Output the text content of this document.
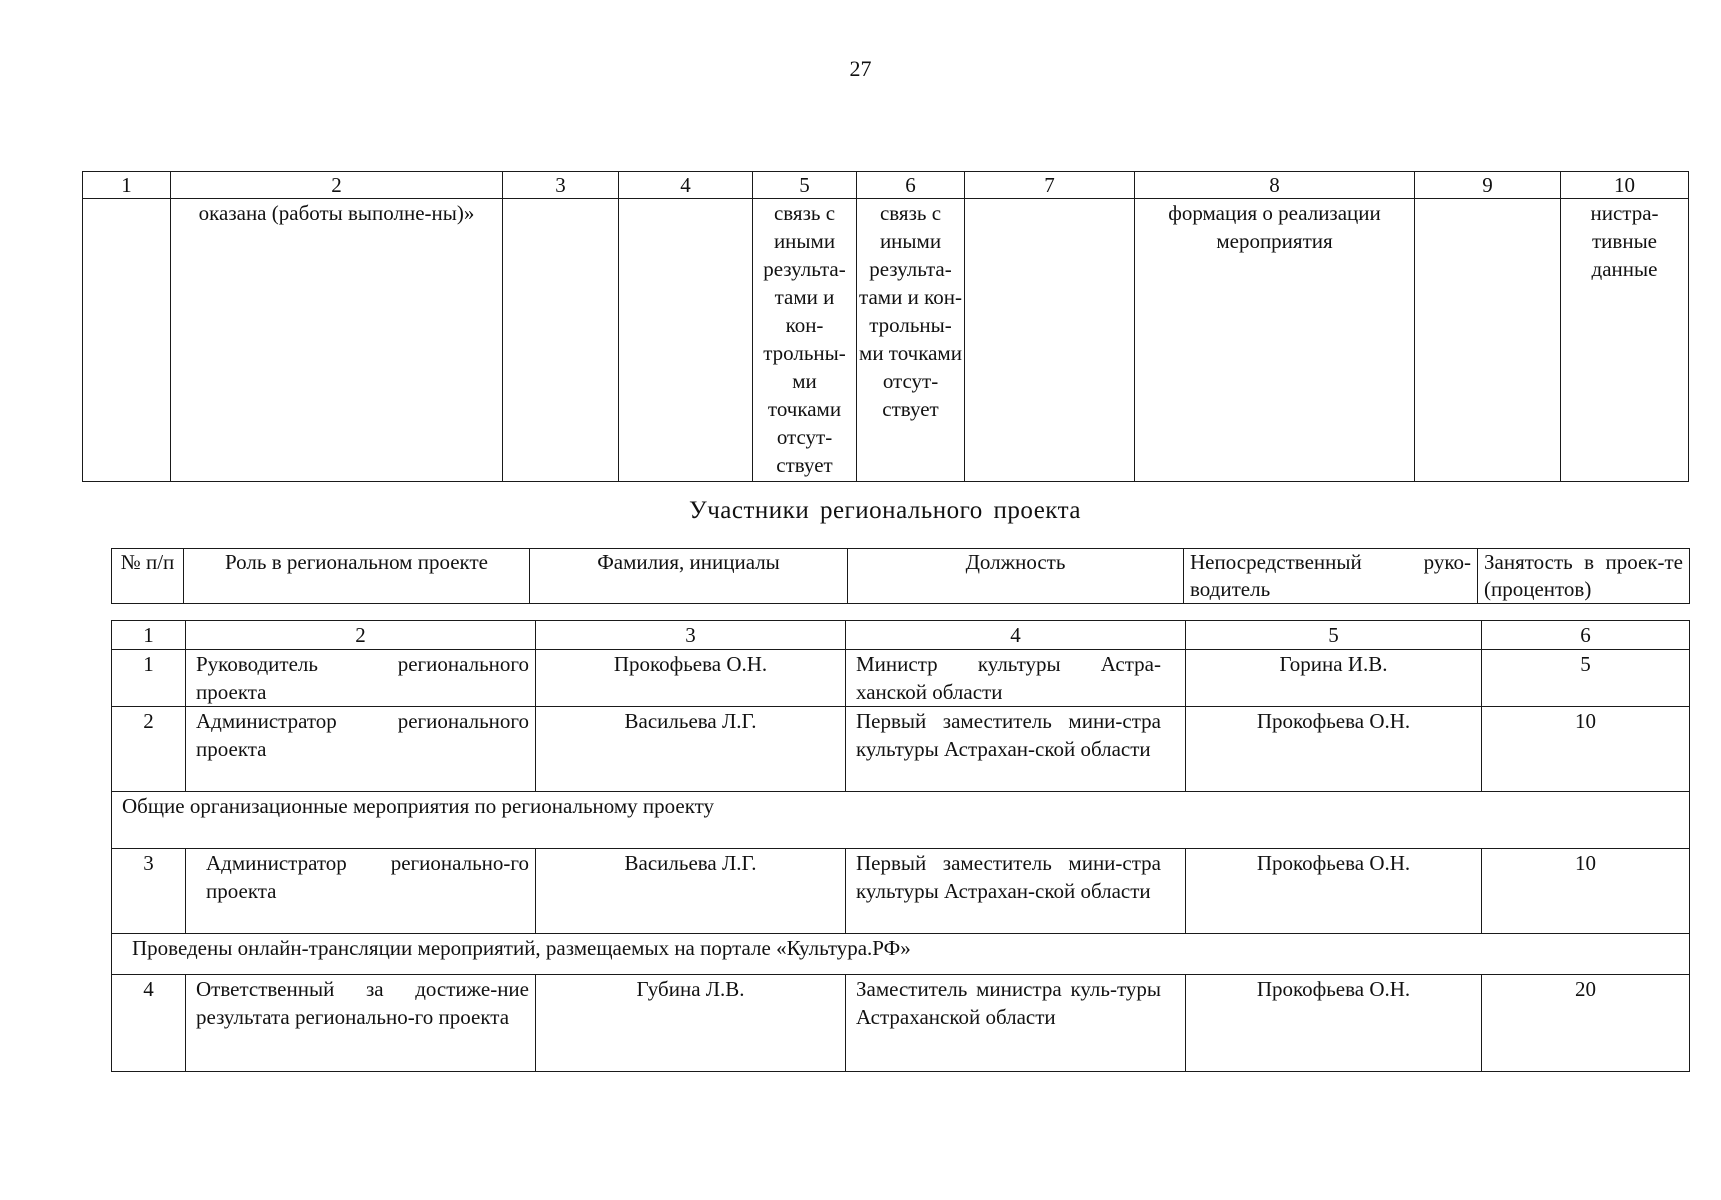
27
1	2	3	4	5	6	7	8	9	10
	оказана (работы выполне-ны)»			связь с иными результа-тами и кон-трольны-ми точками отсут-ствует	связь с иными результа-тами и кон-трольны-ми точками отсут-ствует		формация о реализации мероприятия		нистра-тивные данные
Участники регионального проекта
№ п/п	Роль в региональном проекте	Фамилия, инициалы	Должность	Непосредственный руко-водитель	Занятость в проек-те (процентов)
1	2	3	4	5	6
1	Руководитель регионального проекта	Прокофьева О.Н.	Министр культуры Астра-ханской области	Горина И.В.	5
2	Администратор регионального проекта	Васильева Л.Г.	Первый заместитель мини-стра культуры Астрахан-ской области	Прокофьева О.Н.	10
Общие организационные мероприятия по региональному проекту					
3	Администратор регионально-го проекта	Васильева Л.Г.	Первый заместитель мини-стра культуры Астрахан-ской области	Прокофьева О.Н.	10
Проведены онлайн-трансляции мероприятий, размещаемых на портале «Культура.РФ»					
4	Ответственный за достиже-ние результата регионально-го проекта	Губина Л.В.	Заместитель министра куль-туры Астраханской области	Прокофьева О.Н.	20
